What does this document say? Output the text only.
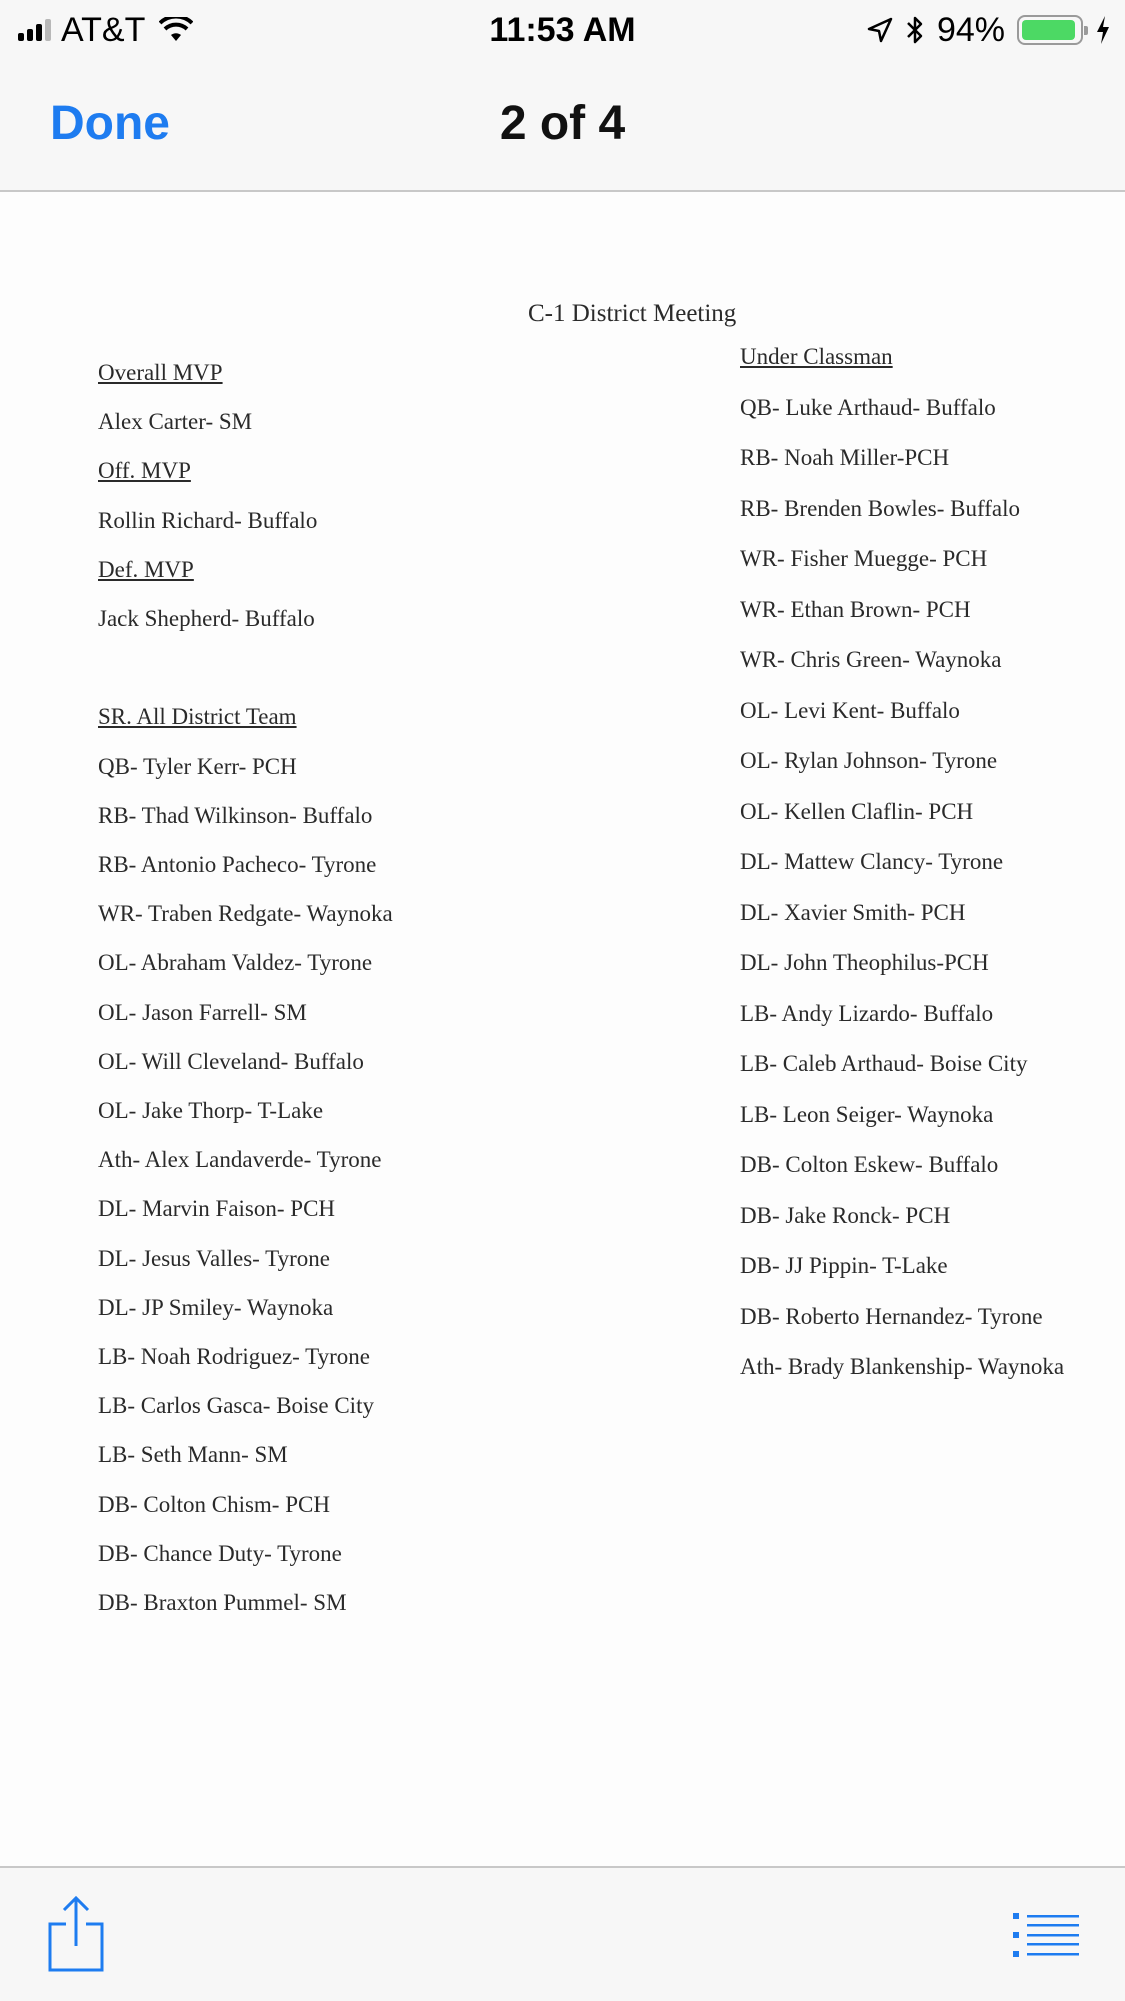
AT&T	11:53 AM	94%
Done	2 of 4
C-1 District Meeting
Overall MVP
Alex Carter- SM
Off. MVP
Rollin Richard- Buffalo
Def. MVP
Jack Shepherd- Buffalo
SR. All District Team
QB- Tyler Kerr- PCH
RB- Thad Wilkinson- Buffalo
RB- Antonio Pacheco- Tyrone
WR- Traben Redgate- Waynoka
OL- Abraham Valdez- Tyrone
OL- Jason Farrell- SM
OL- Will Cleveland- Buffalo
OL- Jake Thorp- T-Lake
Ath- Alex Landaverde- Tyrone
DL- Marvin Faison- PCH
DL- Jesus Valles- Tyrone
DL- JP Smiley- Waynoka
LB- Noah Rodriguez- Tyrone
LB- Carlos Gasca- Boise City
LB- Seth Mann- SM
DB- Colton Chism- PCH
DB- Chance Duty- Tyrone
DB- Braxton Pummel- SM
Under Classman
QB- Luke Arthaud- Buffalo
RB- Noah Miller-PCH
RB- Brenden Bowles- Buffalo
WR- Fisher Muegge- PCH
WR- Ethan Brown- PCH
WR- Chris Green- Waynoka
OL- Levi Kent- Buffalo
OL- Rylan Johnson- Tyrone
OL- Kellen Claflin- PCH
DL- Mattew Clancy- Tyrone
DL- Xavier Smith- PCH
DL- John Theophilus-PCH
LB- Andy Lizardo- Buffalo
LB- Caleb Arthaud- Boise City
LB- Leon Seiger- Waynoka
DB- Colton Eskew- Buffalo
DB- Jake Ronck- PCH
DB- JJ Pippin- T-Lake
DB- Roberto Hernandez- Tyrone
Ath- Brady Blankenship- Waynoka
